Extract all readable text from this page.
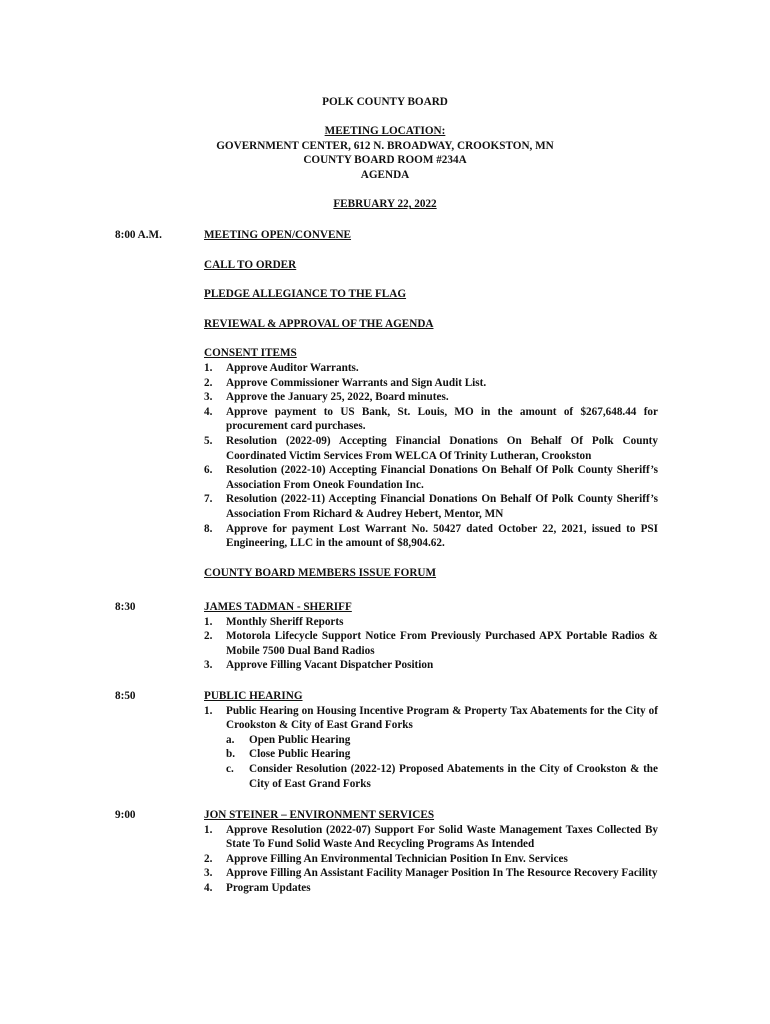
POLK COUNTY BOARD
MEETING LOCATION:
GOVERNMENT CENTER, 612 N. BROADWAY, CROOKSTON, MN
COUNTY BOARD ROOM #234A
AGENDA
FEBRUARY 22, 2022
8:00 A.M.	MEETING OPEN/CONVENE
CALL TO ORDER
PLEDGE ALLEGIANCE TO THE FLAG
REVIEWAL & APPROVAL OF THE AGENDA
CONSENT ITEMS
1. Approve Auditor Warrants.
2. Approve Commissioner Warrants and Sign Audit List.
3. Approve the January 25, 2022, Board minutes.
4. Approve payment to US Bank, St. Louis, MO in the amount of $267,648.44 for procurement card purchases.
5. Resolution (2022-09) Accepting Financial Donations On Behalf Of Polk County Coordinated Victim Services From WELCA Of Trinity Lutheran, Crookston
6. Resolution (2022-10) Accepting Financial Donations On Behalf Of Polk County Sheriff’s Association From Oneok Foundation Inc.
7. Resolution (2022-11) Accepting Financial Donations On Behalf Of Polk County Sheriff’s Association From Richard & Audrey Hebert, Mentor, MN
8. Approve for payment Lost Warrant No. 50427 dated October 22, 2021, issued to PSI Engineering, LLC in the amount of $8,904.62.
COUNTY BOARD MEMBERS ISSUE FORUM
8:30	JAMES TADMAN - SHERIFF
1. Monthly Sheriff Reports
2. Motorola Lifecycle Support Notice From Previously Purchased APX Portable Radios & Mobile 7500 Dual Band Radios
3. Approve Filling Vacant Dispatcher Position
8:50	PUBLIC HEARING
1. Public Hearing on Housing Incentive Program & Property Tax Abatements for the City of Crookston & City of East Grand Forks
a. Open Public Hearing
b. Close Public Hearing
c. Consider Resolution (2022-12) Proposed Abatements in the City of Crookston & the City of East Grand Forks
9:00	JON STEINER – ENVIRONMENT SERVICES
1. Approve Resolution (2022-07) Support For Solid Waste Management Taxes Collected By State To Fund Solid Waste And Recycling Programs As Intended
2. Approve Filling An Environmental Technician Position In Env. Services
3. Approve Filling An Assistant Facility Manager Position In The Resource Recovery Facility
4. Program Updates
